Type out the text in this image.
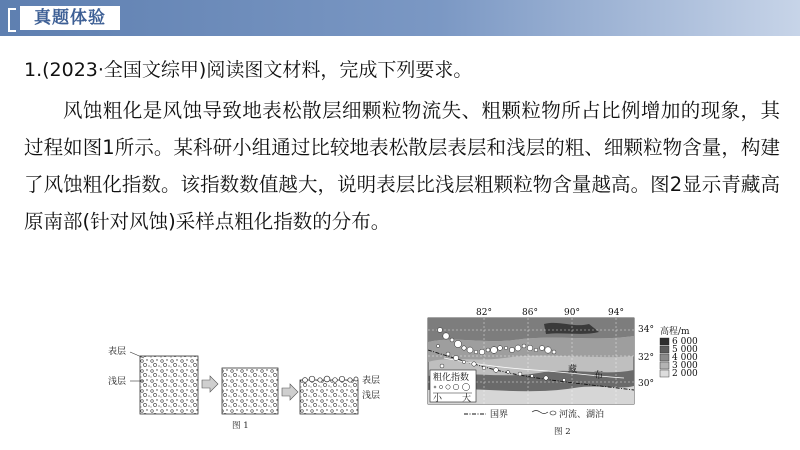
真题体验
1.(2023·全国文综甲)阅读图文材料，完成下列要求。
风蚀粗化是风蚀导致地表松散层细颗粒物流失、粗颗粒物所占比例增加的现象，其过程如图1所示。某科研小组通过比较地表松散层表层和浅层的粗、细颗粒物含量，构建了风蚀粗化指数。该指数数值越大，说明表层比浅层粗颗粒物含量越高。图2显示青藏高原南部(针对风蚀)采样点粗化指数的分布。
表层
浅层	表层
浅层
图 1
82°	86°	90°	94°
藏
布
粗化指数
小 大
34°
32°
30°
高程/m
6 000
5 000
4 000
3 000
2 000
国界	河流、湖泊
图 2
